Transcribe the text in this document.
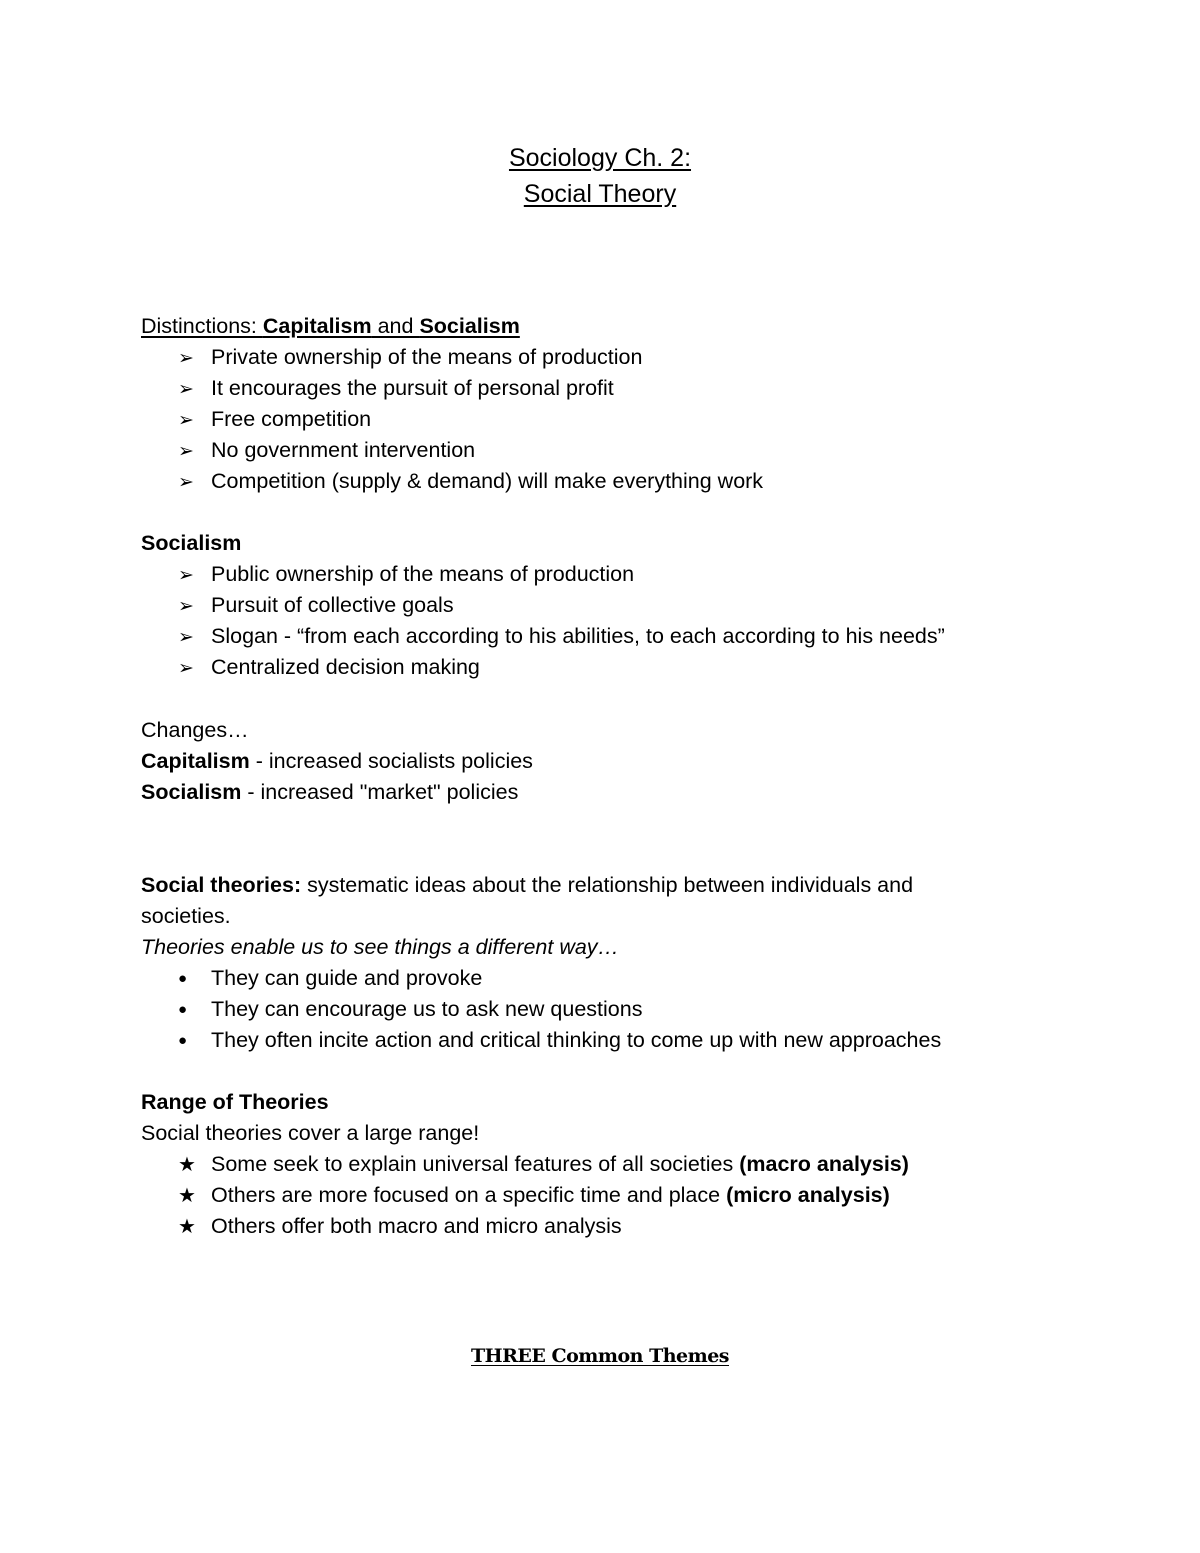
Sociology Ch. 2:
Social Theory
Distinctions: Capitalism and Socialism
➢ Private ownership of the means of production
➢ It encourages the pursuit of personal profit
➢ Free competition
➢ No government intervention
➢ Competition (supply & demand) will make everything work
Socialism
➢ Public ownership of the means of production
➢ Pursuit of collective goals
➢ Slogan - “from each according to his abilities, to each according to his needs”
➢ Centralized decision making
Changes…
Capitalism - increased socialists policies
Socialism - increased "market" policies
Social theories: systematic ideas about the relationship between individuals and
societies.
Theories enable us to see things a different way…
● They can guide and provoke
● They can encourage us to ask new questions
● They often incite action and critical thinking to come up with new approaches
Range of Theories
Social theories cover a large range!
★ Some seek to explain universal features of all societies (macro analysis)
★ Others are more focused on a specific time and place (micro analysis)
★ Others offer both macro and micro analysis
THREE Common Themes
